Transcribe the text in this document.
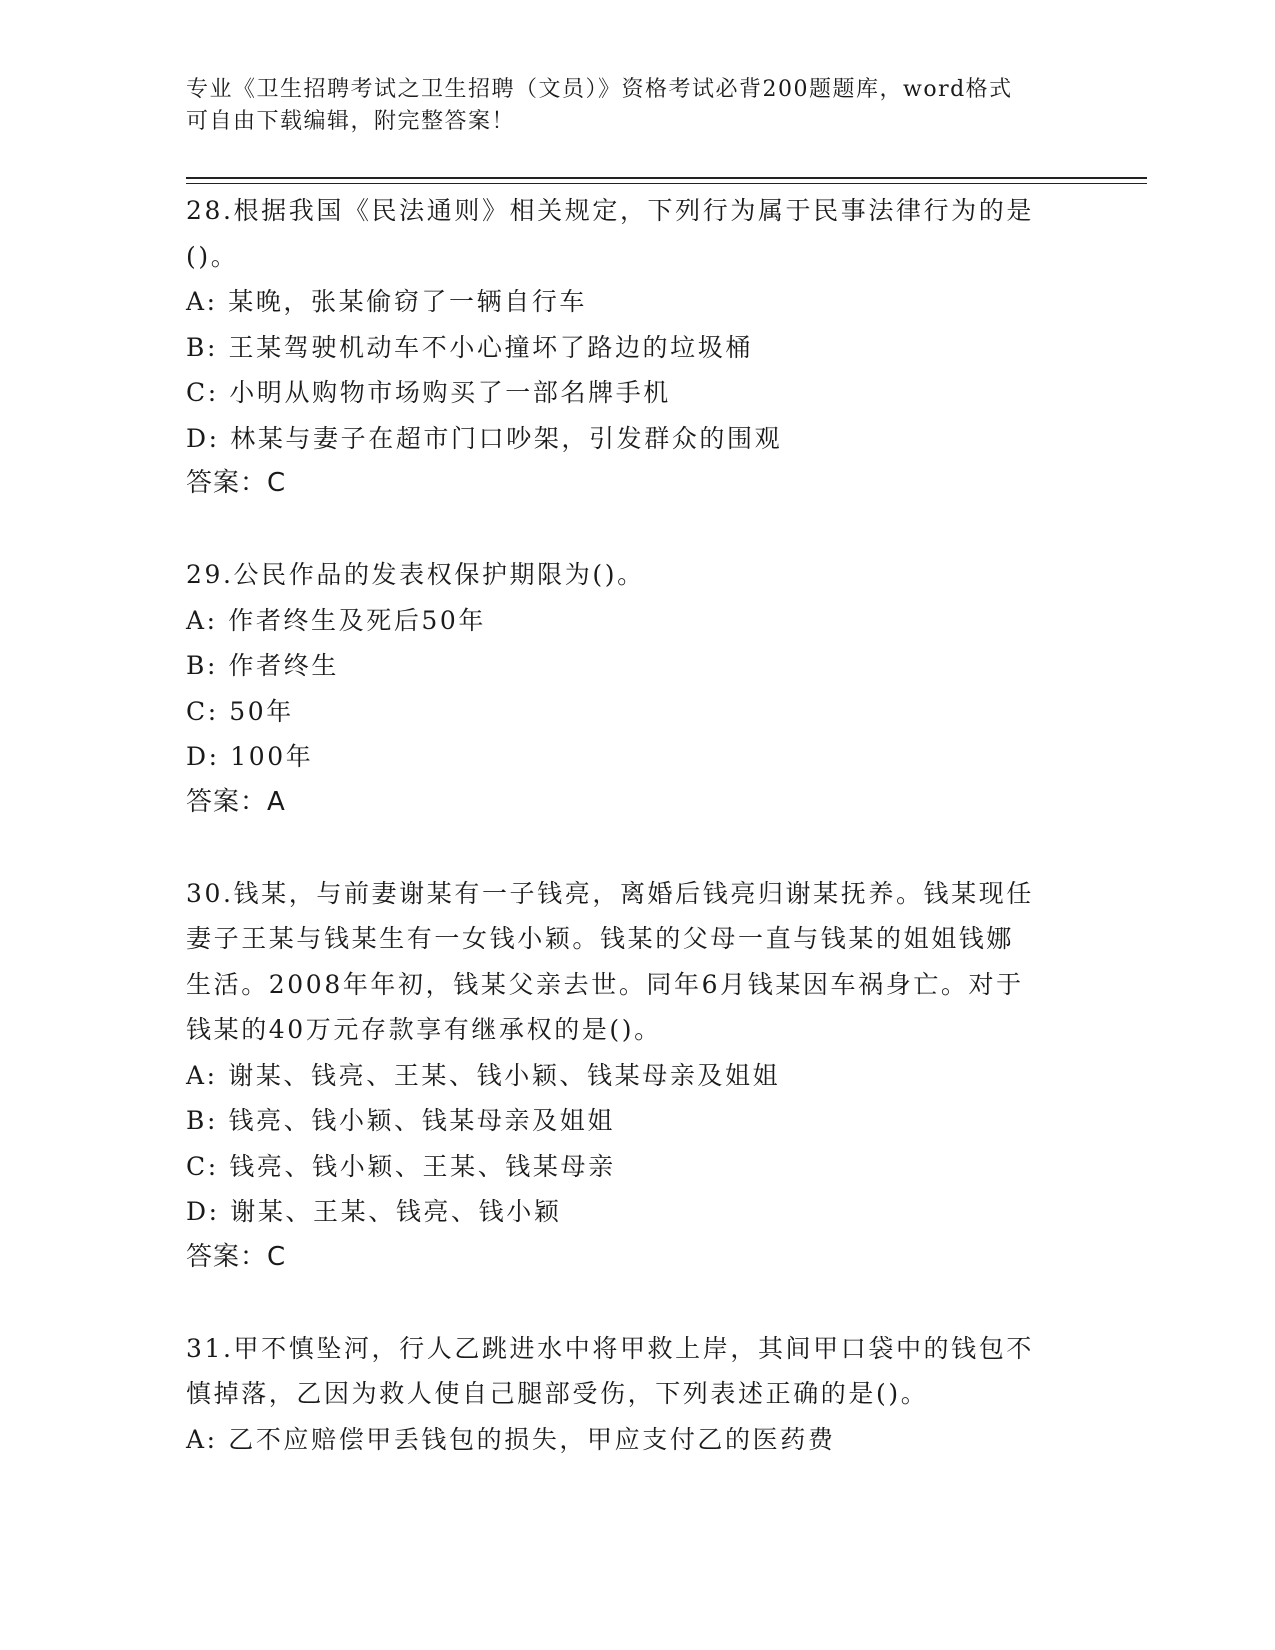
专业《卫生招聘考试之卫生招聘（文员）》资格考试必背200题题库，word格式
可自由下载编辑，附完整答案！
28.根据我国《民法通则》相关规定，下列行为属于民事法律行为的是
()。
A: 某晚，张某偷窃了一辆自行车
B: 王某驾驶机动车不小心撞坏了路边的垃圾桶
C: 小明从购物市场购买了一部名牌手机
D: 林某与妻子在超市门口吵架，引发群众的围观
答案：C
29.公民作品的发表权保护期限为()。
A: 作者终生及死后50年
B: 作者终生
C: 50年
D: 100年
答案：A
30.钱某，与前妻谢某有一子钱亮，离婚后钱亮归谢某抚养。钱某现任
妻子王某与钱某生有一女钱小颖。钱某的父母一直与钱某的姐姐钱娜
生活。2008年年初，钱某父亲去世。同年6月钱某因车祸身亡。对于
钱某的40万元存款享有继承权的是()。
A: 谢某、钱亮、王某、钱小颖、钱某母亲及姐姐
B: 钱亮、钱小颖、钱某母亲及姐姐
C: 钱亮、钱小颖、王某、钱某母亲
D: 谢某、王某、钱亮、钱小颖
答案：C
31.甲不慎坠河，行人乙跳进水中将甲救上岸，其间甲口袋中的钱包不
慎掉落，乙因为救人使自己腿部受伤，下列表述正确的是()。
A: 乙不应赔偿甲丢钱包的损失，甲应支付乙的医药费
